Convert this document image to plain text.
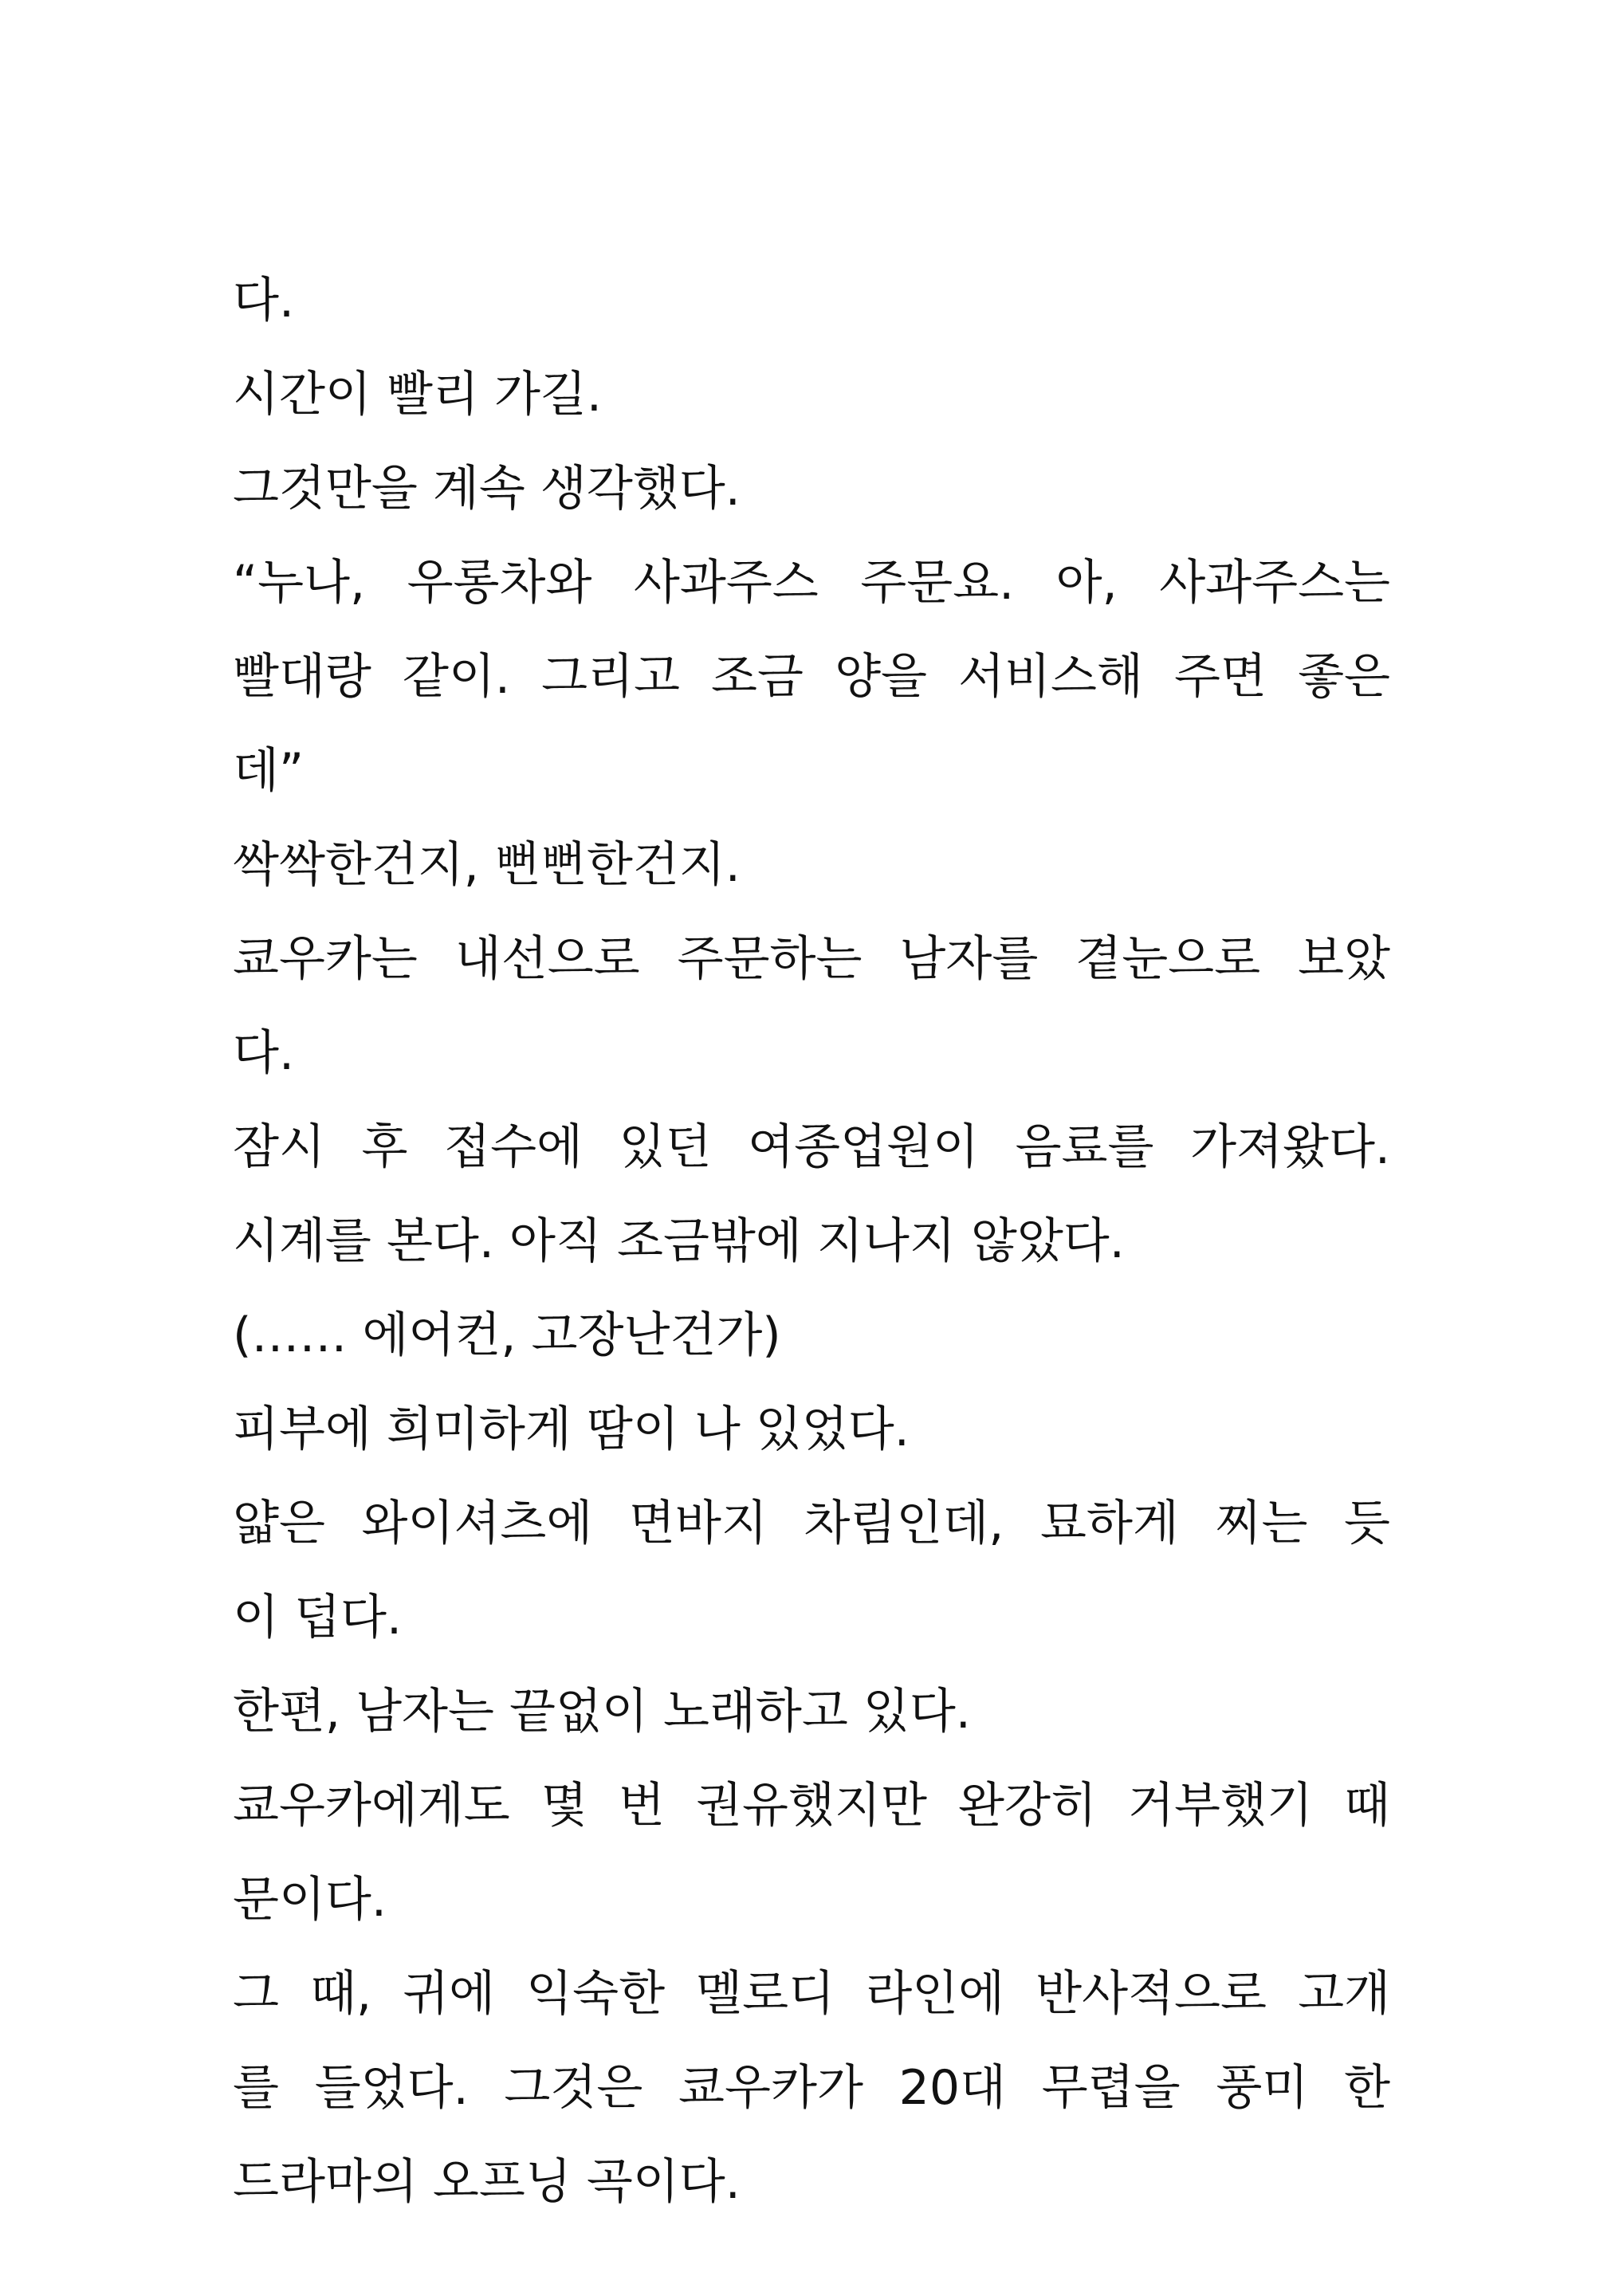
다.
시간이 빨리 가길.
그것만을 계속 생각했다.
“누나, 우롱차와 사과주스 주문요. 아, 사과주스는
빨대랑 같이. 그리고 조금 양을 서비스해 주면 좋은
데”
싹싹한건지, 뻔뻔한건지.
쿄우카는 내선으로 주문하는 남자를 곁눈으로 보았
다.
잠시 후 접수에 있던 여종업원이 음료를 가져왔다.
시계를 본다. 아직 조금밖에 지나지 않았다.
(…… 에어컨, 고장난건가)
피부에 희미하게 땀이 나 있었다.
얇은 와이셔츠에 면바지 차림인데, 묘하게 찌는 듯
이 덥다.
한편, 남자는 끝없이 노래하고 있다.
쿄우카에게도 몇 번 권유했지만 완강히 거부했기 때
문이다.
그 때, 귀에 익숙한 멜로디 라인에 반사적으로 고개
를 들었다. 그것은 쿄우카가 20대 무렵을 풍미 한
드라마의 오프닝 곡이다.
